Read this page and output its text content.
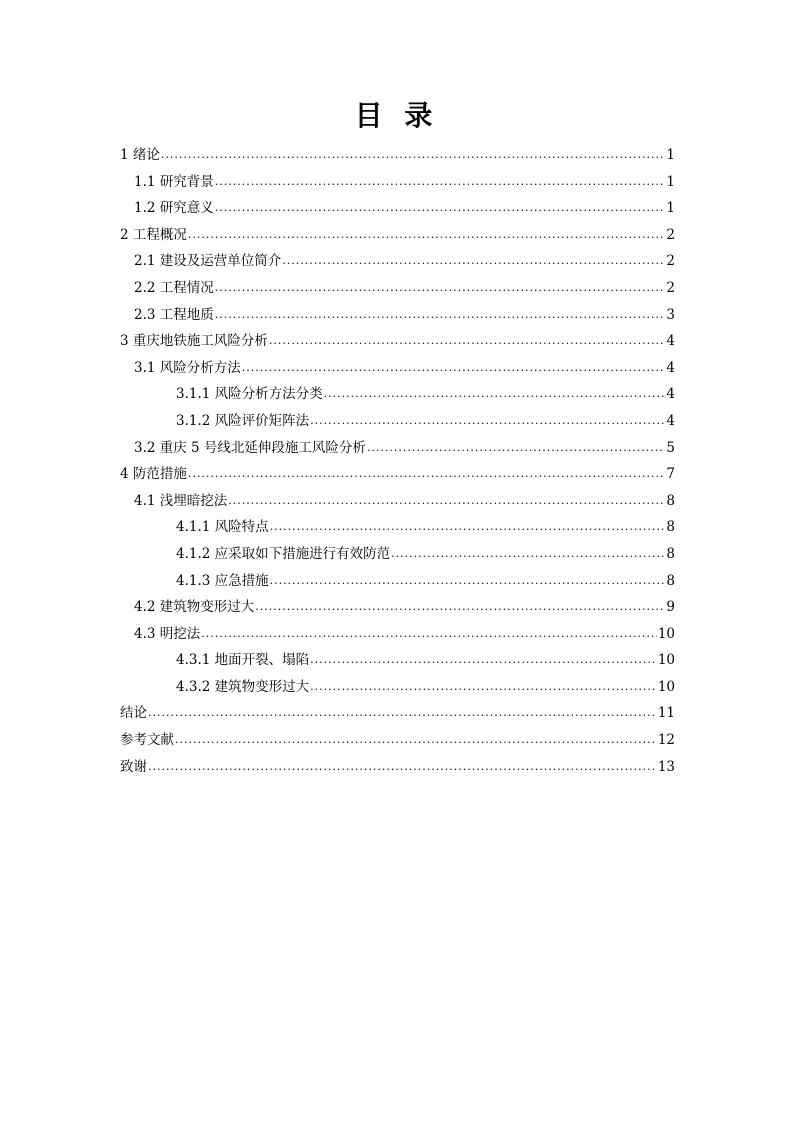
目 录
1 绪论 .....	1
1.1 研究背景 .....	1
1.2 研究意义 .....	1
2 工程概况 .....	2
2.1 建设及运营单位简介 .....	2
2.2 工程情况 .....	2
2.3 工程地质 .....	3
3 重庆地铁施工风险分析 .....	4
3.1 风险分析方法 .....	4
3.1.1 风险分析方法分类 .....	4
3.1.2 风险评价矩阵法 .....	4
3.2 重庆 5 号线北延伸段施工风险分析 .....	5
4 防范措施 .....	7
4.1 浅埋暗挖法 .....	8
4.1.1 风险特点 .....	8
4.1.2 应采取如下措施进行有效防范 .....	8
4.1.3 应急措施 .....	8
4.2 建筑物变形过大 .....	9
4.3 明挖法 .....	10
4.3.1 地面开裂、塌陷 .....	10
4.3.2 建筑物变形过大 .....	10
结论 .....	11
参考文献 .....	12
致谢 .....	13
